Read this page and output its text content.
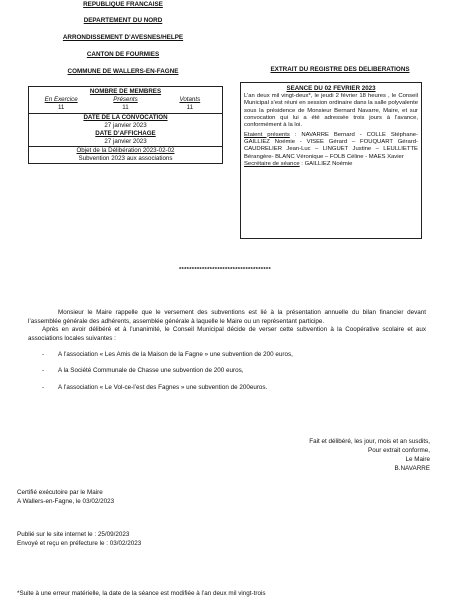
REPUBLIQUE FRANCAISE
DEPARTEMENT DU NORD
ARRONDISSEMENT D’AVESNES/HELPE
CANTON DE FOURMIES
COMMUNE DE WALLERS-EN-FAGNE
NOMBRE DE MEMBRES
En Exercice
11
Présents
11
Votants
11
DATE DE LA CONVOCATION
27 janvier 2023
DATE D’AFFICHAGE
27 janvier 2023
Objet de la Délibération 2023-02-02
Subvention 2023 aux associations
EXTRAIT DU REGISTRE DES DELIBERATIONS
SEANCE DU 02 FEVRIER 2023

L’an deux mil vingt-deux*, le jeudi 2 février 18 heures , le Conseil Municipal s’est réuni en session ordinaire dans la salle polyvalente sous la présidence de Monsieur Bernard Navarre, Maire, et sur convocation qui lui a été adressée trois jours à l’avance, conformément à la loi.

Etaient présents : NAVARRE Bernard - COLLE Stéphane- GAILLIEZ Noémie - VISEE Gérard – FOUQUART Gérard- CAUDRELIER Jean-Luc – LINGUET Justine – LEULLIETTE Bérangère- BLANC Véronique – FOLB Céline - MAES Xavier

Secrétaire de séance : GAILLIEZ Noémie

************************************
Monsieur le Maire rappelle que le versement des subventions est lié à la présentation annuelle du bilan financier devant l’assemblée générale des adhérents, assemblée générale à laquelle le Maire ou un représentant participe.
Après en avoir délibéré et à l’unanimité, le Conseil Municipal décide de verser cette subvention à la Coopérative scolaire et aux associations locales suivantes :
-	A l’association « Les Amis de la Maison de la Fagne » une subvention de 200 euros,
-	A la Société Communale de Chasse une subvention de 200 euros,
-	A l’association « Le Vol-ce-l’est des Fagnes » une subvention de 200euros.
Fait et délibéré, les jour, mois et an susdits,
Pour extrait conforme,
Le Maire
B.NAVARRE
Certifié exécutoire par le Maire
A Wallers-en-Fagne, le 03/02/2023
Publié sur le site internet le : 25/09/2023
Envoyé et reçu en préfecture le : 03/02/2023
*Suite à une erreur matérielle, la date de la séance est modifiée à l’an deux mil vingt-trois
